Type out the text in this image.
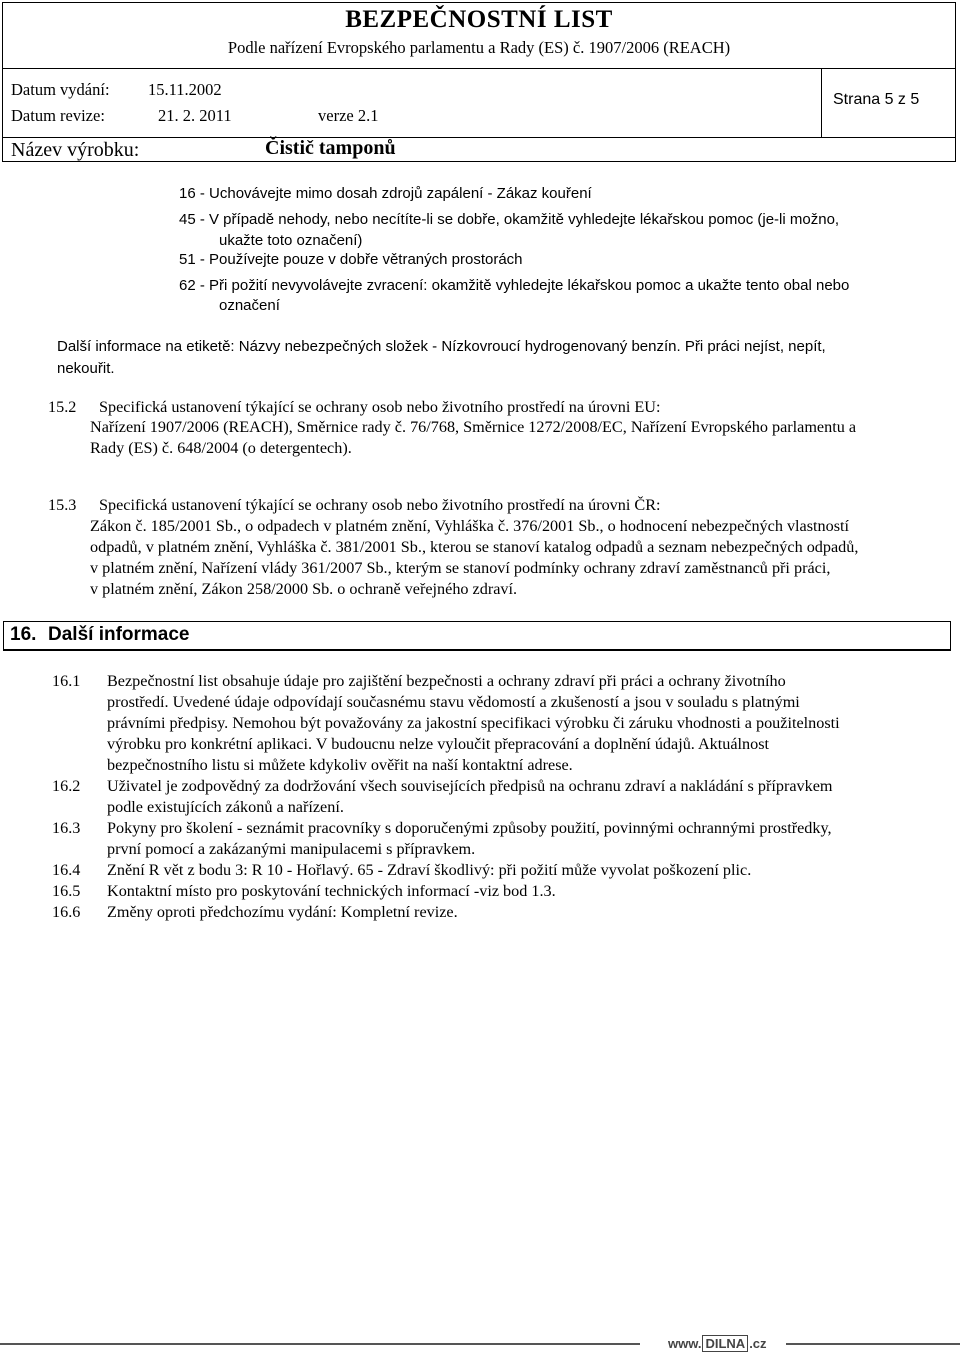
BEZPEČNOSTNÍ LIST
Podle nařízení Evropského parlamentu a Rady (ES) č. 1907/2006 (REACH)
Datum vydání: 15.11.2002
Datum revize:	21. 2. 2011	verze 2.1
Strana 5 z 5
Název výrobku:	Čistič tamponů
16 - Uchovávejte mimo dosah zdrojů zapálení - Zákaz kouření
45 - V případě nehody, nebo necítíte-li se dobře, okamžitě vyhledejte lékařskou pomoc (je-li možno,
ukažte toto označení)
51 - Používejte pouze v dobře větraných prostorách
62 - Při požití nevyvolávejte zvracení: okamžitě vyhledejte lékařskou pomoc a ukažte tento obal nebo
označení
Další informace na etiketě: Názvy nebezpečných složek - Nízkovroucí hydrogenovaný benzín. Při práci nejíst, nepít,
nekouřit.
15.2 Specifická ustanovení týkající se ochrany osob nebo životního prostředí na úrovni EU:
Nařízení 1907/2006 (REACH), Směrnice rady č. 76/768, Směrnice 1272/2008/EC, Nařízení Evropského parlamentu a
Rady (ES) č. 648/2004 (o detergentech).
15.3 Specifická ustanovení týkající se ochrany osob nebo životního prostředí na úrovni ČR:
Zákon č. 185/2001 Sb., o odpadech v platném znění, Vyhláška č. 376/2001 Sb., o hodnocení nebezpečných vlastností
odpadů, v platném znění, Vyhláška č. 381/2001 Sb., kterou se stanoví katalog odpadů a seznam nebezpečných odpadů,
v platném znění, Nařízení vlády 361/2007 Sb., kterým se stanoví podmínky ochrany zdraví zaměstnanců při práci,
v platném znění, Zákon 258/2000 Sb. o ochraně veřejného zdraví.
16. Další informace
16.1 Bezpečnostní list obsahuje údaje pro zajištění bezpečnosti a ochrany zdraví při práci a ochrany životního
prostředí. Uvedené údaje odpovídají současnému stavu vědomostí a zkušeností a jsou v souladu s platnými
právními předpisy. Nemohou být považovány za jakostní specifikaci výrobku či záruku vhodnosti a použitelnosti
výrobku pro konkrétní aplikaci. V budoucnu nelze vyloučit přepracování a doplnění údajů. Aktuálnost
bezpečnostního listu si můžete kdykoliv ověřit na naší kontaktní adrese.
16.2 Uživatel je zodpovědný za dodržování všech souvisejících předpisů na ochranu zdraví a nakládání s přípravkem
podle existujících zákonů a nařízení.
16.3 Pokyny pro školení - seznámit pracovníky s doporučenými způsoby použití, povinnými ochrannými prostředky,
první pomocí a zakázanými manipulacemi s přípravkem.
16.4 Znění R vět z bodu 3: R 10 - Hořlavý. 65 - Zdraví škodlivý: při požití může vyvolat poškození plic.
16.5 Kontaktní místo pro poskytování technických informací -viz bod 1.3.
16.6 Změny oproti předchozímu vydání: Kompletní revize.
www. DILNA .cz
